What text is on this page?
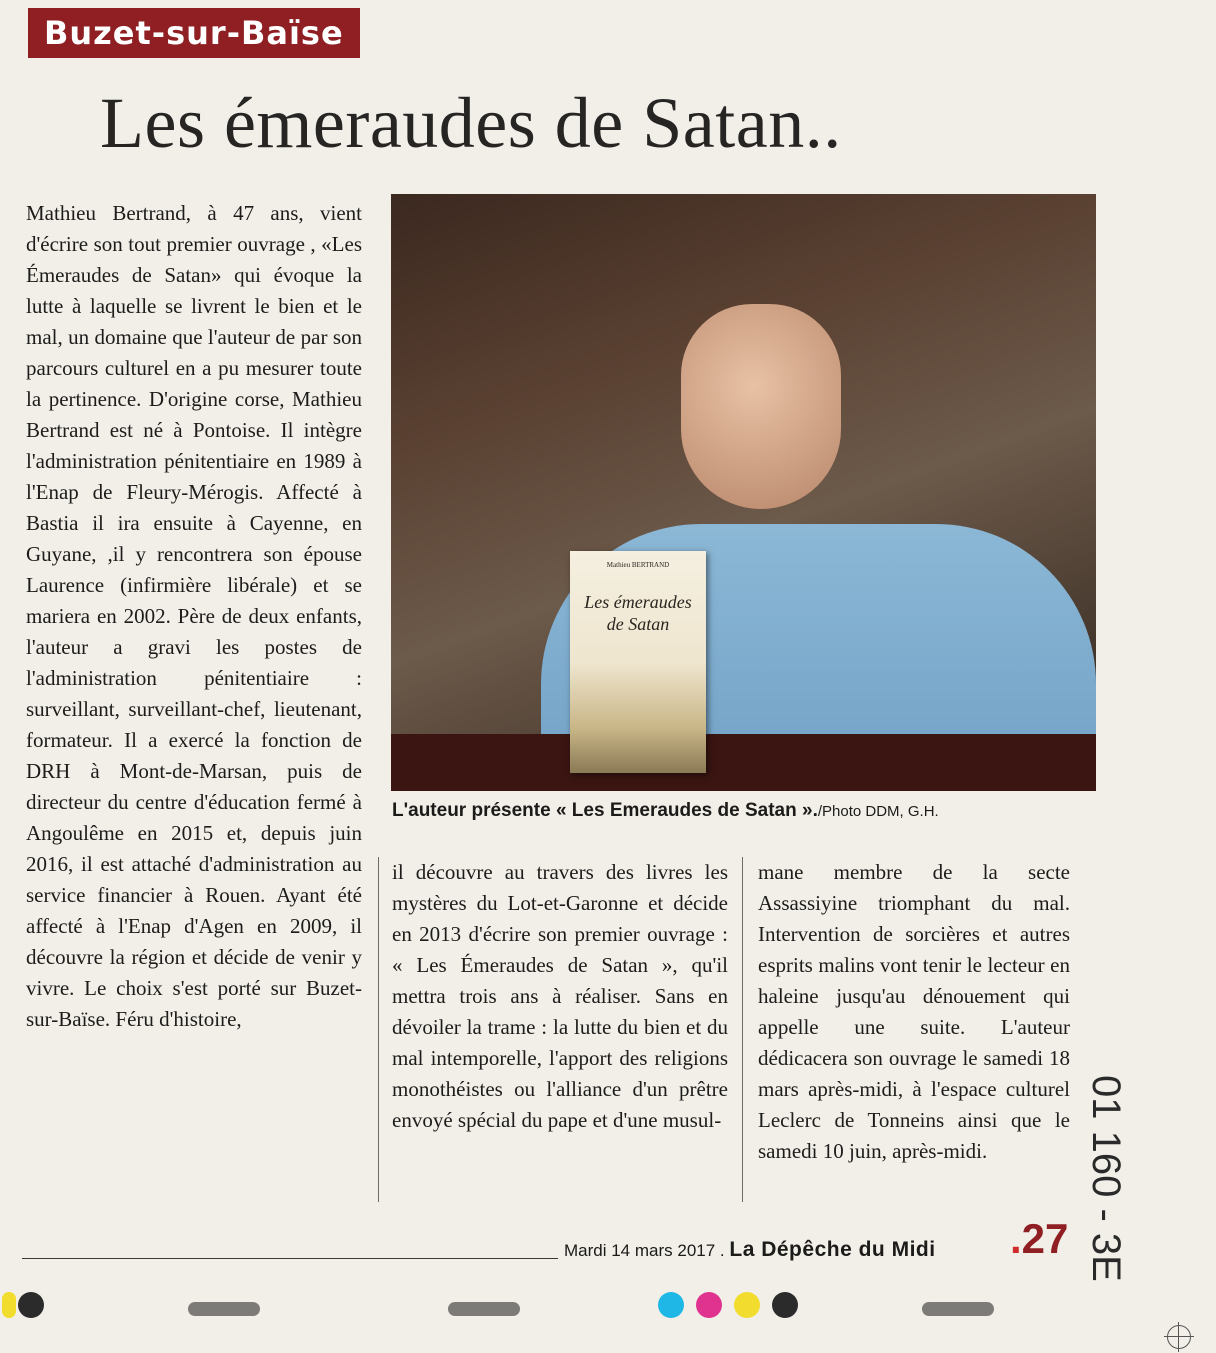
Buzet-sur-Baïse
Les émeraudes de Satan..
Mathieu Bertrand, à 47 ans, vient d'écrire son tout premier ouvrage , «Les Émeraudes de Satan» qui évoque la lutte à laquelle se livrent le bien et le mal, un domaine que l'auteur de par son parcours culturel en a pu mesurer toute la pertinence. D'origine corse, Mathieu Bertrand est né à Pontoise. Il intègre l'administration pénitentiaire en 1989 à l'Enap de Fleury-Mérogis. Affecté à Bastia il ira ensuite à Cayenne, en Guyane, ,il y rencontrera son épouse Laurence (infirmière libérale) et se mariera en 2002. Père de deux enfants, l'auteur a gravi les postes de l'administration pénitentiaire : surveillant, surveillant-chef, lieutenant, formateur. Il a exercé la fonction de DRH à Mont-de-Marsan, puis de directeur du centre d'éducation fermé à Angoulême en 2015 et, depuis juin 2016, il est attaché d'administration au service financier à Rouen. Ayant été affecté à l'Enap d'Agen en 2009, il découvre la région et décide de venir y vivre. Le choix s'est porté sur Buzet-sur-Baïse. Féru d'histoire,
Mathieu BERTRAND
Les émeraudes de Satan
L'auteur présente « Les Emeraudes de Satan »./Photo DDM, G.H.
il découvre au travers des livres les mystères du Lot-et-Garonne et décide en 2013 d'écrire son premier ouvrage : « Les Émeraudes de Satan », qu'il mettra trois ans à réaliser. Sans en dévoiler la trame : la lutte du bien et du mal intemporelle, l'apport des religions monothéistes ou l'alliance d'un prêtre envoyé spécial du pape et d'une musul-
mane membre de la secte Assassiyine triomphant du mal. Intervention de sorcières et autres esprits malins vont tenir le lecteur en haleine jusqu'au dénouement qui appelle une suite. L'auteur dédicacera son ouvrage le samedi 18 mars après-midi, à l'espace culturel Leclerc de Tonneins ainsi que le samedi 10 juin, après-midi.
Mardi 14 mars 2017 . La Dépêche du Midi .27 01 160 - 3E
